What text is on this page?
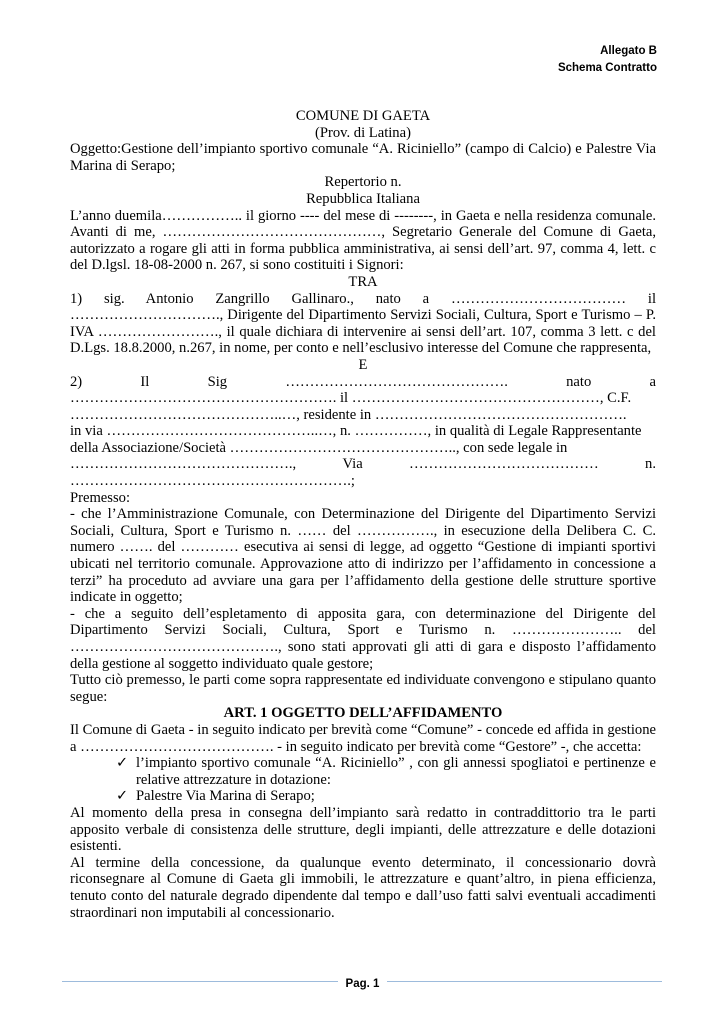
Allegato B
Schema Contratto

COMUNE DI GAETA

(Prov. di Latina)

Oggetto:Gestione dell’impianto sportivo comunale “A. Riciniello” (campo di Calcio) e Palestre Via Marina di Serapo;

Repertorio n.

Repubblica Italiana

L’anno duemila…………….. il giorno ---- del mese di --------, in Gaeta e nella residenza comunale. Avanti di me, ………………………………………, Segretario Generale del Comune di Gaeta, autorizzato a rogare gli atti in forma pubblica amministrativa, ai sensi dell’art. 97, comma 4, lett. c del D.lgsl. 18-08-2000 n. 267, si sono costituiti i Signori:

TRA

1) sig. Antonio Zangrillo Gallinaro., nato a ……………………………… il …………………………., Dirigente del Dipartimento Servizi Sociali, Cultura, Sport e Turismo – P. IVA ……………………., il quale dichiara di intervenire ai sensi dell’art. 107, comma 3 lett. c del D.Lgs. 18.8.2000, n.267, in nome, per conto e nell’esclusivo interesse del Comune che rappresenta,

E

2)	Il	Sig	……………………………………….	nato	a

………………………………………………. il ……………………………………………, C.F.

……………………………………..…, residente in …………………………………………….

in via ……………………………………..…, n. ……………, in qualità di Legale Rappresentante

della Associazione/Società ……………………………………….., con sede legale in

……………………………………….,	Via	…………………………………	n.

………………………………………………….;

Premesso:

- che l’Amministrazione Comunale, con Determinazione del Dirigente del Dipartimento Servizi Sociali, Cultura, Sport e Turismo n. …… del ……………., in esecuzione della Delibera C. C. numero ……. del ………… esecutiva ai sensi di legge, ad oggetto “Gestione di impianti sportivi ubicati nel territorio comunale. Approvazione atto di indirizzo per l’affidamento in concessione a terzi” ha proceduto ad avviare una gara per l’affidamento della gestione delle strutture sportive indicate in oggetto;

- che a seguito dell’espletamento di apposita gara, con determinazione del Dirigente del Dipartimento Servizi Sociali, Cultura, Sport e Turismo n. ………………….. del ……………………………………., sono stati approvati gli atti di gara e disposto l’affidamento della gestione al soggetto individuato quale gestore;

Tutto ciò premesso, le parti come sopra rappresentate ed individuate convengono e stipulano quanto segue:

ART. 1 OGGETTO DELL’AFFIDAMENTO

Il Comune di Gaeta - in seguito indicato per brevità come “Comune” - concede ed affida in gestione a …………………………………. - in seguito indicato per brevità come “Gestore” -, che accetta:

✓ l’impianto sportivo comunale “A. Riciniello” , con gli annessi spogliatoi e pertinenze e relative attrezzature in dotazione:
✓ Palestre Via Marina di Serapo;

Al momento della presa in consegna dell’impianto sarà redatto in contraddittorio tra le parti apposito verbale di consistenza delle strutture, degli impianti, delle attrezzature e delle dotazioni esistenti.

Al termine della concessione, da qualunque evento determinato, il concessionario dovrà riconsegnare al Comune di Gaeta gli immobili, le attrezzature e quant’altro, in piena efficienza, tenuto conto del naturale degrado dipendente dal tempo e dall’uso fatti salvi eventuali accadimenti straordinari non imputabili al concessionario.

Pag. 1
